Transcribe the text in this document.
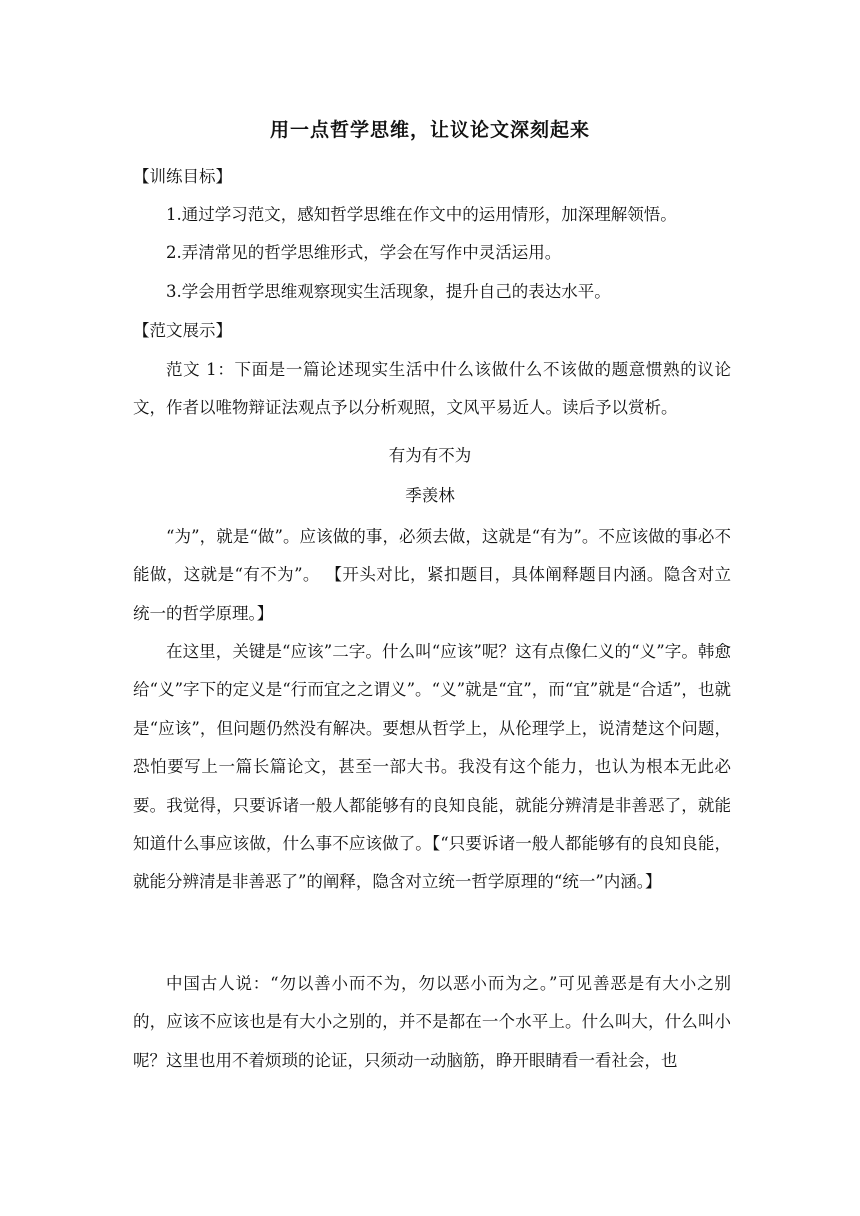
用一点哲学思维，让议论文深刻起来
【训练目标】
1.通过学习范文，感知哲学思维在作文中的运用情形，加深理解领悟。
2.弄清常见的哲学思维形式，学会在写作中灵活运用。
3.学会用哲学思维观察现实生活现象，提升自己的表达水平。
【范文展示】
范文 1：下面是一篇论述现实生活中什么该做什么不该做的题意惯熟的议论文，作者以唯物辩证法观点予以分析观照，文风平易近人。读后予以赏析。
有为有不为
季羡林
“为”，就是“做”。应该做的事，必须去做，这就是“有为”。不应该做的事必不能做，这就是“有不为”。 【开头对比，紧扣题目，具体阐释题目内涵。隐含对立统一的哲学原理。】
在这里，关键是“应该”二字。什么叫“应该”呢？这有点像仁义的“义”字。韩愈给“义”字下的定义是“行而宜之之谓义”。“义”就是“宜”，而“宜”就是“合适”，也就是“应该”，但问题仍然没有解决。要想从哲学上，从伦理学上，说清楚这个问题，恐怕要写上一篇长篇论文，甚至一部大书。我没有这个能力，也认为根本无此必要。我觉得，只要诉诸一般人都能够有的良知良能，就能分辨清是非善恶了，就能知道什么事应该做，什么事不应该做了。【“只要诉诸一般人都能够有的良知良能，就能分辨清是非善恶了”的阐释，隐含对立统一哲学原理的“统一”内涵。】
中国古人说：“勿以善小而不为，勿以恶小而为之。”可见善恶是有大小之别的，应该不应该也是有大小之别的，并不是都在一个水平上。什么叫大，什么叫小呢？这里也用不着烦琐的论证，只须动一动脑筋，睁开眼睛看一看社会，也
